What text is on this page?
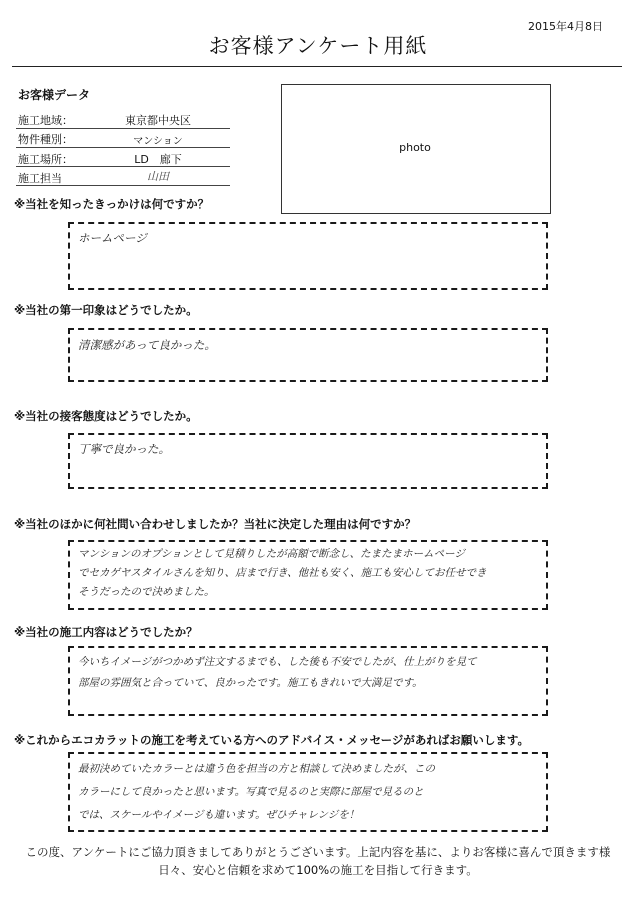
2015年4月8日
お客様アンケート用紙
お客様データ
施工地域：	東京都中央区
物件種別：	マンション
施工場所：	LD　廊下
施工担当	山田
photo
※当社を知ったきっかけは何ですか？
ホームページ
※当社の第一印象はどうでしたか。
清潔感があって良かった。
※当社の接客態度はどうでしたか。
丁寧で良かった。
※当社のほかに何社問い合わせしましたか？当社に決定した理由は何ですか？
マンションのオプションとして見積りしたが高額で断念し、たまたまホームページ
でセカゲヤスタイルさんを知り、店まで行き、他社も安く、施工も安心してお任せでき
そうだったので決めました。
※当社の施工内容はどうでしたか？
今いちイメージがつかめず注文するまでも、した後も不安でしたが、仕上がりを見て
部屋の雰囲気と合っていて、良かったです。施工もきれいで大満足です。
※これからエコカラットの施工を考えている方へのアドバイス・メッセージがあればお願いします。
最初決めていたカラーとは違う色を担当の方と相談して決めましたが、この
カラーにして良かったと思います。写真で見るのと実際に部屋で見るのと
では、スケールやイメージも違います。ぜひチャレンジを！
この度、アンケートにご協力頂きましてありがとうございます。上記内容を基に、よりお客様に喜んで頂きます様
日々、安心と信頼を求めて100%の施工を目指して行きます。
